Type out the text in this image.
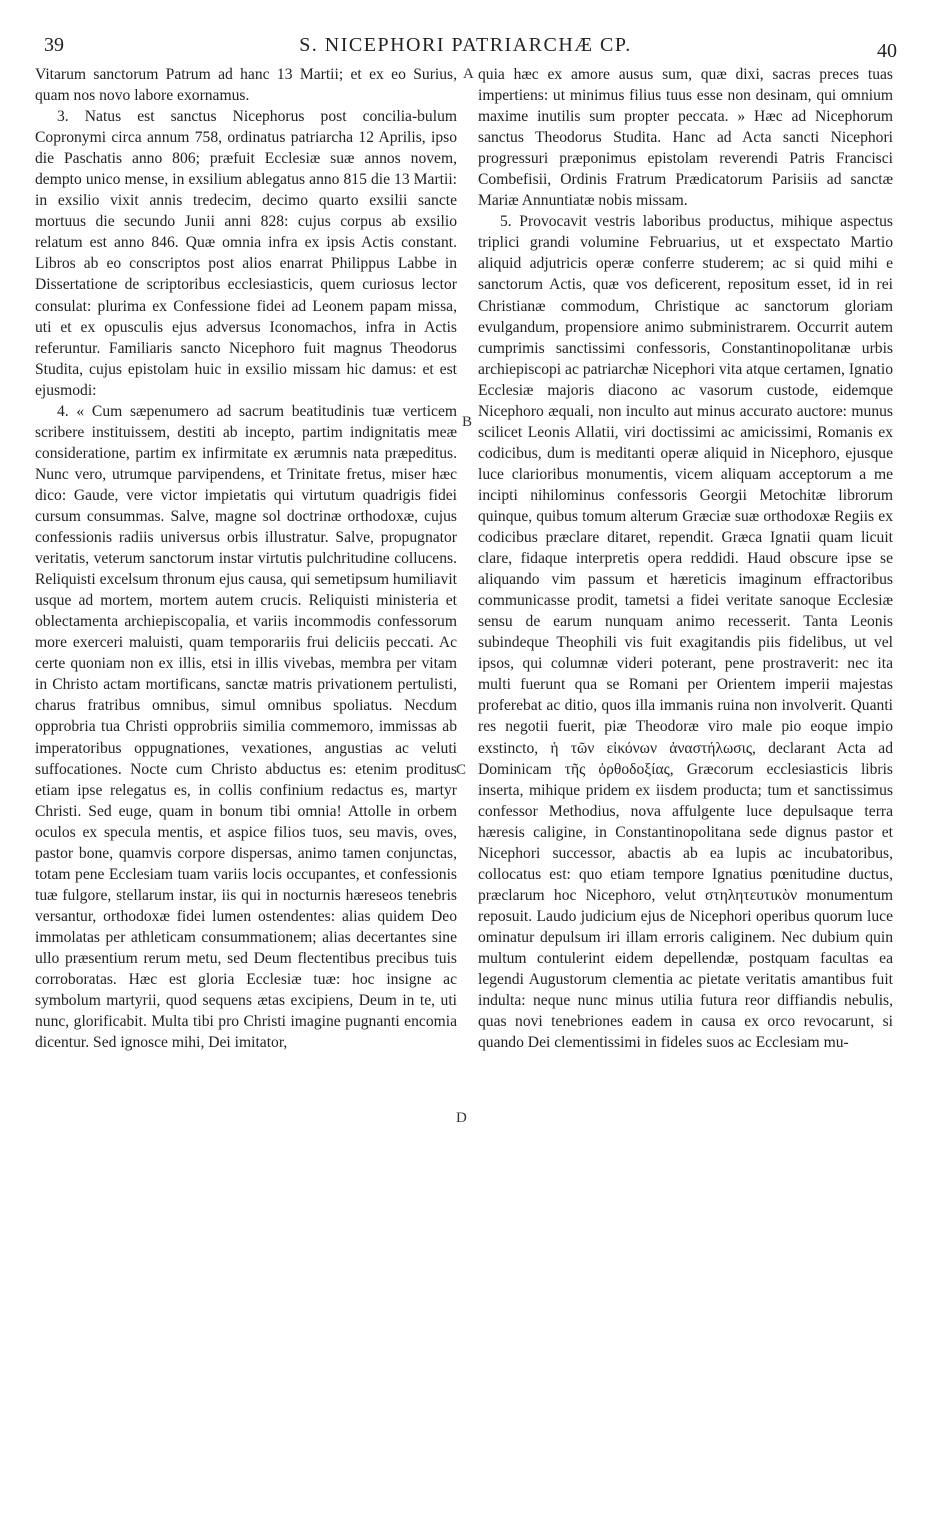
39	S. NICEPHORI PATRIARCHÆ CP.	40

Vitarum sanctorum Patrum ad hanc 13 Martii; et ex eo Surius, quam nos novo labore exornamus.

3. Natus est sanctus Nicephorus post concilia-bulum Copronymi circa annum 758, ordinatus patriarcha 12 Aprilis, ipso die Paschatis anno 806; præfuit Ecclesiæ suæ annos novem, dempto unico mense, in exsilium ablegatus anno 815 die 13 Martii: in exsilio vixit annis tredecim, decimo quarto exsilii sancte mortuus die secundo Junii anni 828: cujus corpus ab exsilio relatum est anno 846. Quæ omnia infra ex ipsis Actis constant. Libros ab eo conscriptos post alios enarrat Philippus Labbe in Dissertatione de scriptoribus ecclesiasticis, quem curiosus lector consulat: plurima ex Confessione fidei ad Leonem papam missa, uti et ex opusculis ejus adversus Iconomachos, infra in Actis referuntur. Familiaris sancto Nicephoro fuit magnus Theodorus Studita, cujus epistolam huic in exsilio missam hic damus: et est ejusmodi:

4. « Cum sæpenumero ad sacrum beatitudinis tuæ verticem scribere instituissem, destiti ab incepto, partim indignitatis meæ consideratione, partim ex infirmitate ex ærumnis nata præpeditus. Nunc vero, utrumque parvipendens, et Trinitate fretus, miser hæc dico: Gaude, vere victor impietatis qui virtutum quadrigis fidei cursum consummas. Salve, magne sol doctrinæ orthodoxæ, cujus confessionis radiis universus orbis illustratur. Salve, propugnator veritatis, veterum sanctorum instar virtutis pulchritudine collucens. Reliquisti excelsum thronum ejus causa, qui semetipsum humiliavit usque ad mortem, mortem autem crucis. Reliquisti ministeria et oblectamenta archiepiscopalia, et variis incommodis confessorum more exerceri maluisti, quam temporariis frui deliciis peccati. Ac certe quoniam non ex illis, etsi in illis vivebas, membra per vitam in Christo actam mortificans, sanctæ matris privationem pertulisti, charus fratribus omnibus, simul omnibus spoliatus. Necdum opprobria tua Christi opprobriis similia commemoro, immissas ab imperatoribus oppugnationes, vexationes, angustias ac veluti suffocationes. Nocte cum Christo abductus es: etenim proditus etiam ipse relegatus es, in collis confinium redactus es, martyr Christi. Sed euge, quam in bonum tibi omnia! Attolle in orbem oculos ex specula mentis, et aspice filios tuos, seu mavis, oves, pastor bone, quamvis corpore dispersas, animo tamen conjunctas, totam pene Ecclesiam tuam variis locis occupantes, et confessionis tuæ fulgore, stellarum instar, iis qui in nocturnis hæreseos tenebris versantur, orthodoxæ fidei lumen ostendentes: alias quidem Deo immolatas per athleticam consummationem; alias decertantes sine ullo præsentium rerum metu, sed Deum flectentibus precibus tuis corroboratas. Hæc est gloria Ecclesiæ tuæ: hoc insigne ac symbolum martyrii, quod sequens ætas excipiens, Deum in te, uti nunc, glorificabit. Multa tibi pro Christi imagine pugnanti encomia dicentur. Sed ignosce mihi, Dei imitator,

A
B
C
D

quia hæc ex amore ausus sum, quæ dixi, sacras preces tuas impertiens: ut minimus filius tuus esse non desinam, qui omnium maxime inutilis sum propter peccata. » Hæc ad Nicephorum sanctus Theodorus Studita. Hanc ad Acta sancti Nicephori progressuri præponimus epistolam reverendi Patris Francisci Combefisii, Ordinis Fratrum Prædicatorum Parisiis ad sanctæ Mariæ Annuntiatæ nobis missam.

5. Provocavit vestris laboribus productus, mihique aspectus triplici grandi volumine Februarius, ut et exspectato Martio aliquid adjutricis operæ conferre studerem; ac si quid mihi e sanctorum Actis, quæ vos deficerent, repositum esset, id in rei Christianæ commodum, Christique ac sanctorum gloriam evulgandum, propensiore animo subministrarem. Occurrit autem cumprimis sanctissimi confessoris, Constantinopolitanæ urbis archiepiscopi ac patriarchæ Nicephori vita atque certamen, Ignatio Ecclesiæ majoris diacono ac vasorum custode, eidemque Nicephoro æquali, non inculto aut minus accurato auctore: munus scilicet Leonis Allatii, viri doctissimi ac amicissimi, Romanis ex codicibus, dum is meditanti operæ aliquid in Nicephoro, ejusque luce clarioribus monumentis, vicem aliquam acceptorum a me incipti nihilominus confessoris Georgii Metochitæ librorum quinque, quibus tomum alterum Græciæ suæ orthodoxæ Regiis ex codicibus præclare ditaret, rependit. Græca Ignatii quam licuit clare, fidaque interpretis opera reddidi. Haud obscure ipse se aliquando vim passum et hæreticis imaginum effractoribus communicasse prodit, tametsi a fidei veritate sanoque Ecclesiæ sensu de earum nunquam animo recesserit. Tanta Leonis subindeque Theophili vis fuit exagitandis piis fidelibus, ut vel ipsos, qui columnæ videri poterant, pene prostraverit: nec ita multi fuerunt qua se Romani per Orientem imperii majestas proferebat ac ditio, quos illa immanis ruina non involverit. Quanti res negotii fuerit, piæ Theodoræ viro male pio eoque impio exstincto, ἡ τῶν εἰκόνων ἀναστήλωσις, declarant Acta ad Dominicam τῆς ὀρθοδοξίας, Græcorum ecclesiasticis libris inserta, mihique pridem ex iisdem producta; tum et sanctissimus confessor Methodius, nova affulgente luce depulsaque terra hæresis caligine, in Constantinopolitana sede dignus pastor et Nicephori successor, abactis ab ea lupis ac incubatoribus, collocatus est: quo etiam tempore Ignatius pœnitudine ductus, præclarum hoc Nicephoro, velut στηλητευτικὸν monumentum reposuit. Laudo judicium ejus de Nicephori operibus quorum luce ominatur depulsum iri illam erroris caliginem. Nec dubium quin multum contulerint eidem depellendæ, postquam facultas ea legendi Augustorum clementia ac pietate veritatis amantibus fuit indulta: neque nunc minus utilia futura reor diffiandis nebulis, quas novi tenebriones eadem in causa ex orco revocarunt, si quando Dei clementissimi in fideles suos ac Ecclesiam mu-
